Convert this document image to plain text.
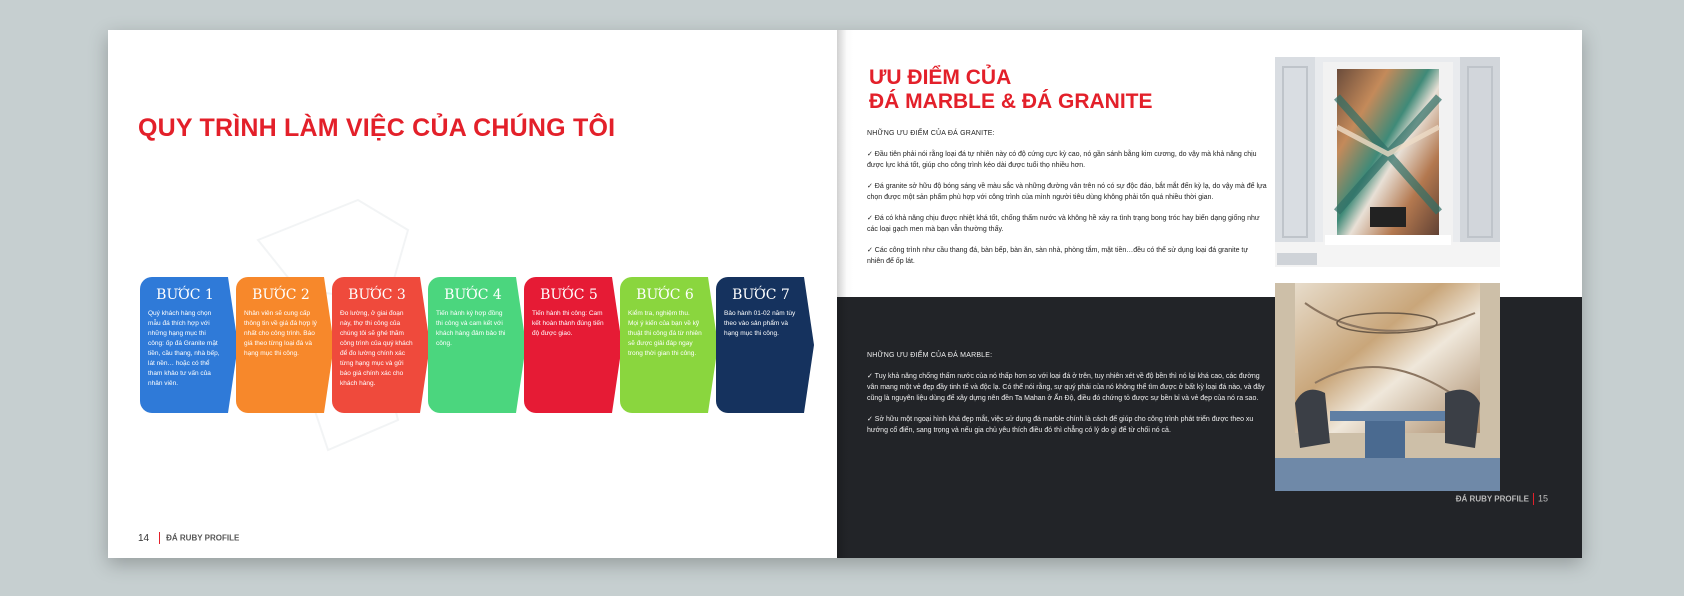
QUY TRÌNH LÀM VIỆC CỦA CHÚNG TÔI
BƯỚC 1
Quý khách hàng chọn mẫu đá thích hợp với những hạng mục thi công: ốp đá Granite mặt tiền, cầu thang, nhà bếp, lát nền… hoặc có thể tham khảo tư vấn của nhân viên.
BƯỚC 2
Nhân viên sẽ cung cấp thông tin về giá đá hợp lý nhất cho công trình. Báo giá theo từng loại đá và hạng mục thi công.
BƯỚC 3
Đo lường, ở giai đoạn này, thợ thi công của chúng tôi sẽ ghé thăm công trình của quý khách để đo lường chính xác từng hạng mục và gửi báo giá chính xác cho khách hàng.
BƯỚC 4
Tiến hành ký hợp đồng thi công và cam kết với khách hàng đảm bảo thi công.
BƯỚC 5
Tiến hành thi công: Cam kết hoàn thành đúng tiến độ được giao.
BƯỚC 6
Kiểm tra, nghiệm thu. Mọi ý kiến của bạn về kỹ thuật thi công đá từ nhiên sẽ được giải đáp ngay trong thời gian thi công.
BƯỚC 7
Bảo hành 01-02 năm tùy theo vào sản phẩm và hạng mục thi công.
14 ĐÁ RUBY PROFILE
ƯU ĐIỂM CỦA
ĐÁ MARBLE & ĐÁ GRANITE
NHỮNG ƯU ĐIỂM CỦA ĐÁ GRANITE:
✓ Đầu tiên phải nói rằng loại đá tự nhiên này có độ cứng cực kỳ cao, nó gần sánh bằng kim cương, do vậy mà khả năng chịu được lực khá tốt, giúp cho công trình kéo dài được tuổi thọ nhiều hơn.
✓ Đá granite sở hữu độ bóng sáng về màu sắc và những đường vân trên nó có sự độc đáo, bắt mắt đến kỳ lạ, do vậy mà để lựa chọn được một sản phẩm phù hợp với công trình của mình người tiêu dùng không phải tốn quá nhiều thời gian.
✓ Đá có khả năng chịu được nhiệt khá tốt, chống thấm nước và không hề xảy ra tình trạng bong tróc hay biến dạng giống như các loại gạch men mà bạn vẫn thường thấy.
✓ Các công trình như cầu thang đá, bàn bếp, bàn ăn, sàn nhà, phòng tắm, mặt tiền…đều có thể sử dụng loại đá granite tự nhiên để ốp lát.
NHỮNG ƯU ĐIỂM CỦA ĐÁ MARBLE:
✓ Tuy khả năng chống thấm nước của nó thấp hơn so với loại đá ở trên, tuy nhiên xét về độ bền thì nó lại khá cao, các đường vân mang một vẻ đẹp đầy tinh tế và độc lạ. Có thể nói rằng, sự quý phái của nó không thể tìm được ở bất kỳ loại đá nào, và đây cũng là nguyên liệu dùng để xây dựng nên đền Ta Mahan ở Ấn Độ, điều đó chứng tỏ được sự bền bỉ và vẻ đẹp của nó ra sao.
✓ Sở hữu một ngoại hình khá đẹp mắt, việc sử dụng đá marble chính là cách để giúp cho công trình phát triển được theo xu hướng cổ điển, sang trọng và nếu gia chủ yêu thích điều đó thì chẳng có lý do gì để từ chối nó cả.
ĐÁ RUBY PROFILE 15
